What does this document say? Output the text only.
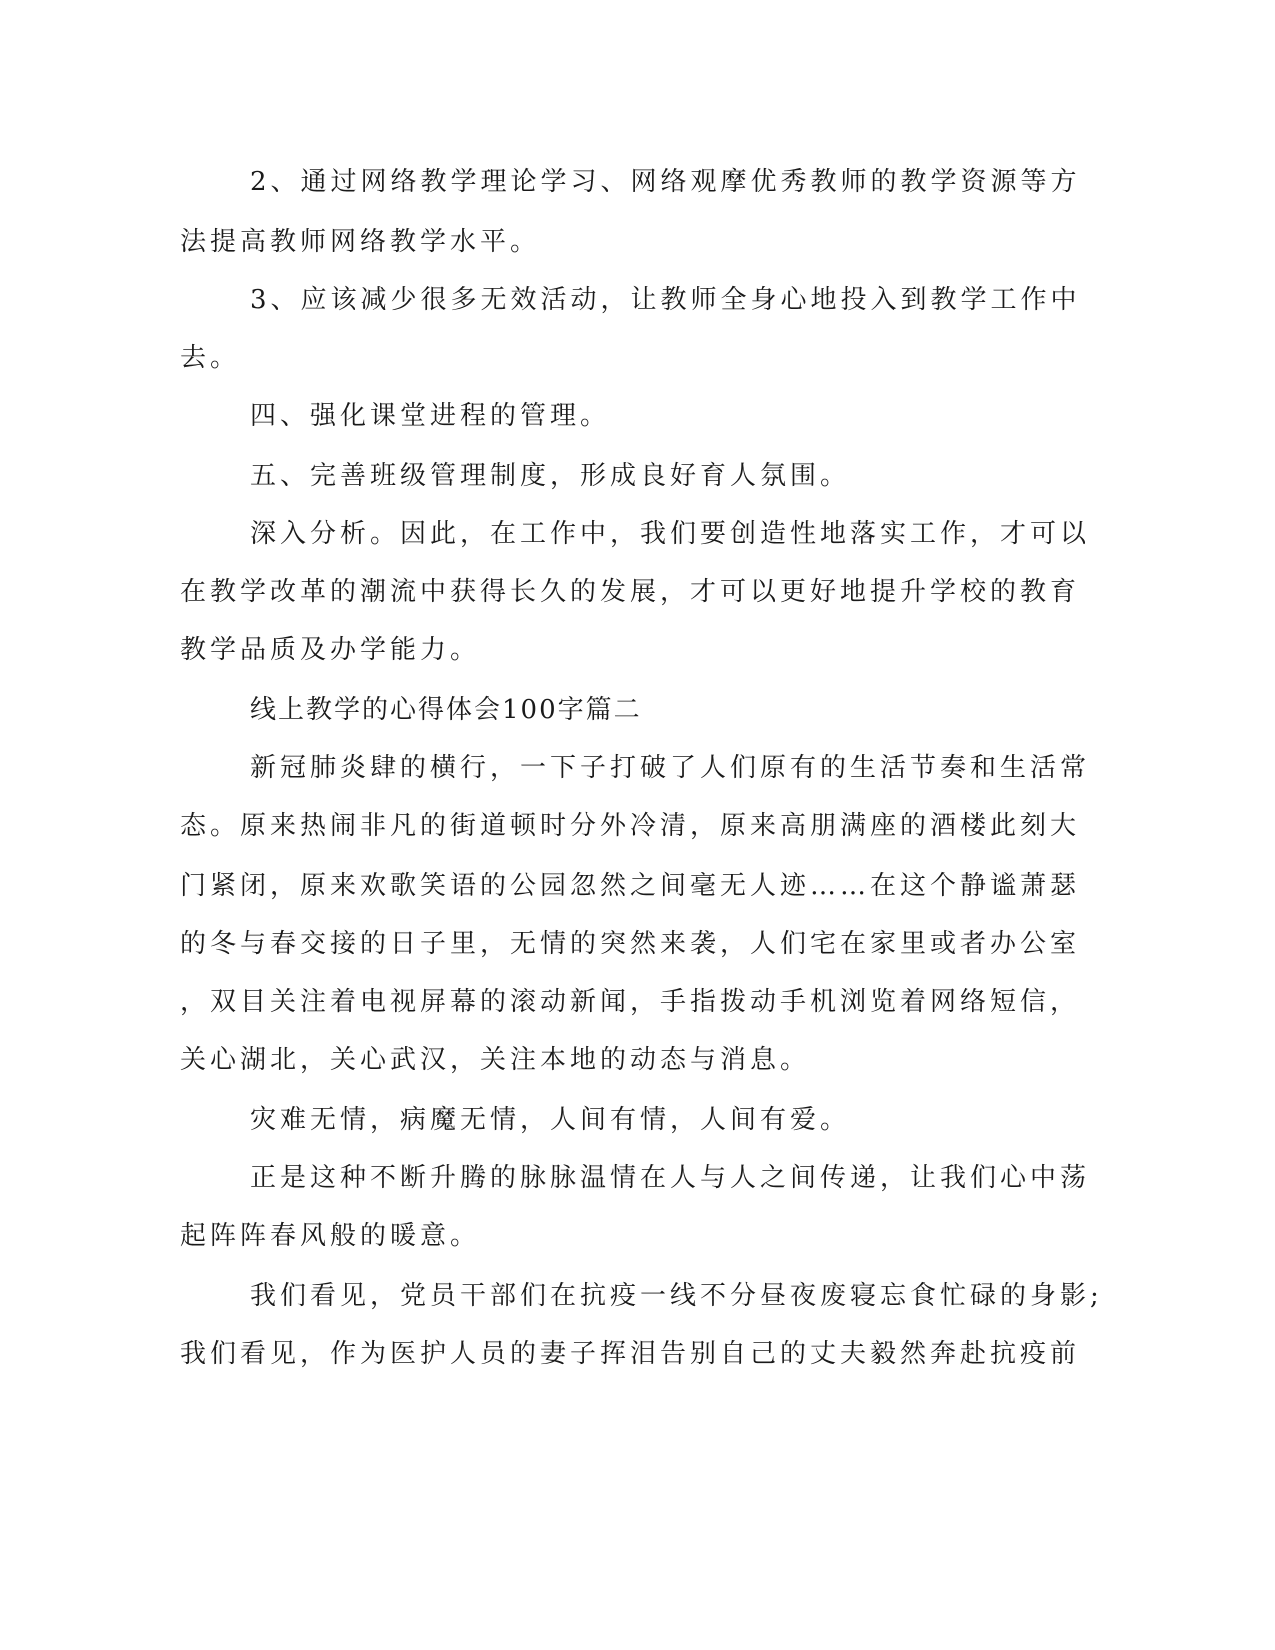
2、通过网络教学理论学习、网络观摩优秀教师的教学资源等方
法提高教师网络教学水平。
3、应该减少很多无效活动，让教师全身心地投入到教学工作中
去。
四、强化课堂进程的管理。
五、完善班级管理制度，形成良好育人氛围。
深入分析。因此，在工作中，我们要创造性地落实工作，才可以
在教学改革的潮流中获得长久的发展，才可以更好地提升学校的教育
教学品质及办学能力。
线上教学的心得体会100字篇二
新冠肺炎肆的横行，一下子打破了人们原有的生活节奏和生活常
态。原来热闹非凡的街道顿时分外冷清，原来高朋满座的酒楼此刻大
门紧闭，原来欢歌笑语的公园忽然之间毫无人迹……在这个静谧萧瑟
的冬与春交接的日子里，无情的突然来袭，人们宅在家里或者办公室
，双目关注着电视屏幕的滚动新闻，手指拨动手机浏览着网络短信，
关心湖北，关心武汉，关注本地的动态与消息。
灾难无情，病魔无情，人间有情，人间有爱。
正是这种不断升腾的脉脉温情在人与人之间传递，让我们心中荡
起阵阵春风般的暖意。
我们看见，党员干部们在抗疫一线不分昼夜废寝忘食忙碌的身影;
我们看见，作为医护人员的妻子挥泪告别自己的丈夫毅然奔赴抗疫前
